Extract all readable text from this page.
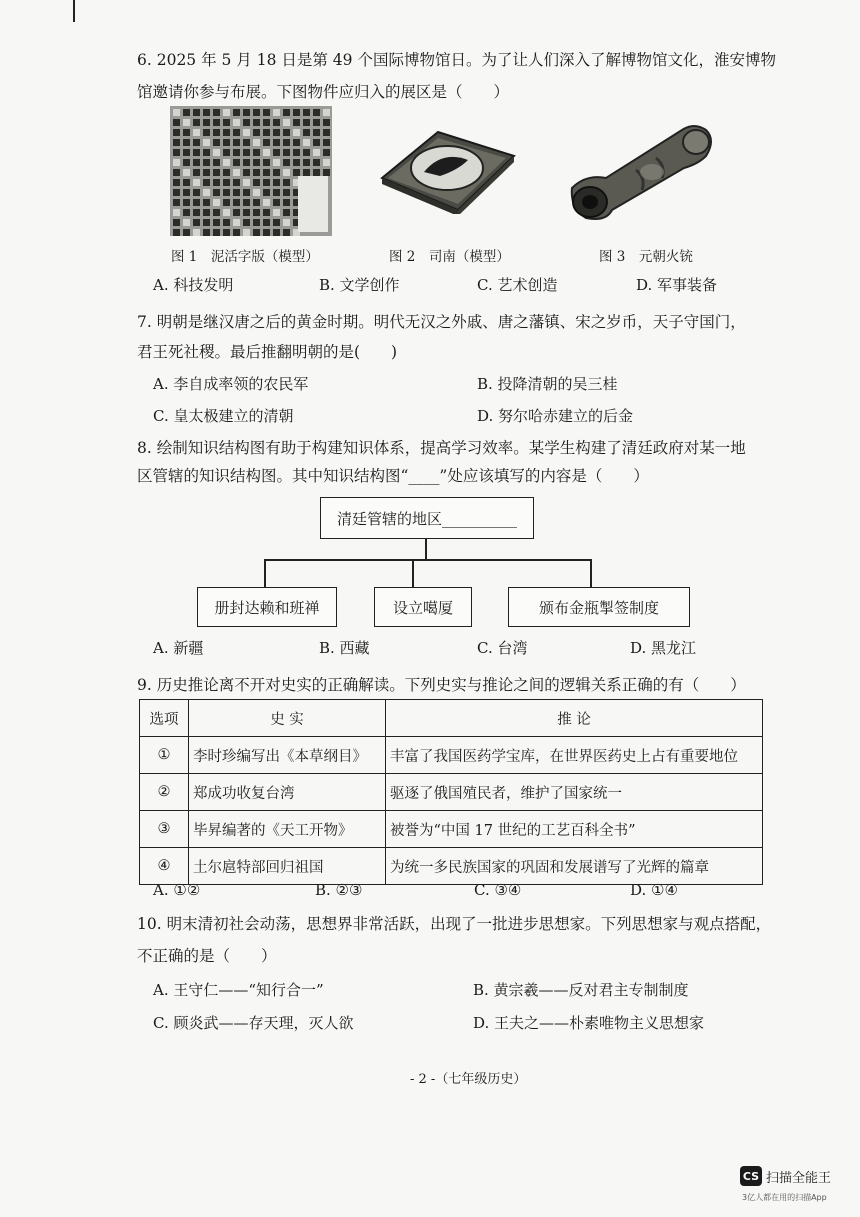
6. 2025 年 5 月 18 日是第 49 个国际博物馆日。为了让人们深入了解博物馆文化，淮安博物
馆邀请你参与布展。下图物件应归入的展区是（　　）
图 1　泥活字版（模型）	图 2　司南（模型）	图 3　元朝火铳
A. 科技发明	B. 文学创作	C. 艺术创造	D. 军事装备
7. 明朝是继汉唐之后的黄金时期。明代无汉之外戚、唐之藩镇、宋之岁币，天子守国门，
君王死社稷。最后推翻明朝的是(　　)
A. 李自成率领的农民军	B. 投降清朝的吴三桂
C. 皇太极建立的清朝	D. 努尔哈赤建立的后金
8. 绘制知识结构图有助于构建知识体系，提高学习效率。某学生构建了清廷政府对某一地
区管辖的知识结构图。其中知识结构图“____”处应该填写的内容是（　　）
清廷管辖的地区__________
册封达赖和班禅	设立噶厦	颁布金瓶掣签制度
A. 新疆	B. 西藏	C. 台湾	D. 黑龙江
9. 历史推论离不开对史实的正确解读。下列史实与推论之间的逻辑关系正确的有（　　）
选项	史 实	推 论
①	李时珍编写出《本草纲目》	丰富了我国医药学宝库，在世界医药史上占有重要地位
②	郑成功收复台湾	驱逐了俄国殖民者，维护了国家统一
③	毕昇编著的《天工开物》	被誉为“中国 17 世纪的工艺百科全书”
④	土尔扈特部回归祖国	为统一多民族国家的巩固和发展谱写了光辉的篇章
A. ①②	B. ②③	C. ③④	D. ①④
10. 明末清初社会动荡，思想界非常活跃，出现了一批进步思想家。下列思想家与观点搭配，
不正确的是（　　）
A. 王守仁——“知行合一”	B. 黄宗羲——反对君主专制制度
C. 顾炎武——存天理，灭人欲	D. 王夫之——朴素唯物主义思想家
- 2 -（七年级历史）
CS 扫描全能王
3亿人都在用的扫描App
